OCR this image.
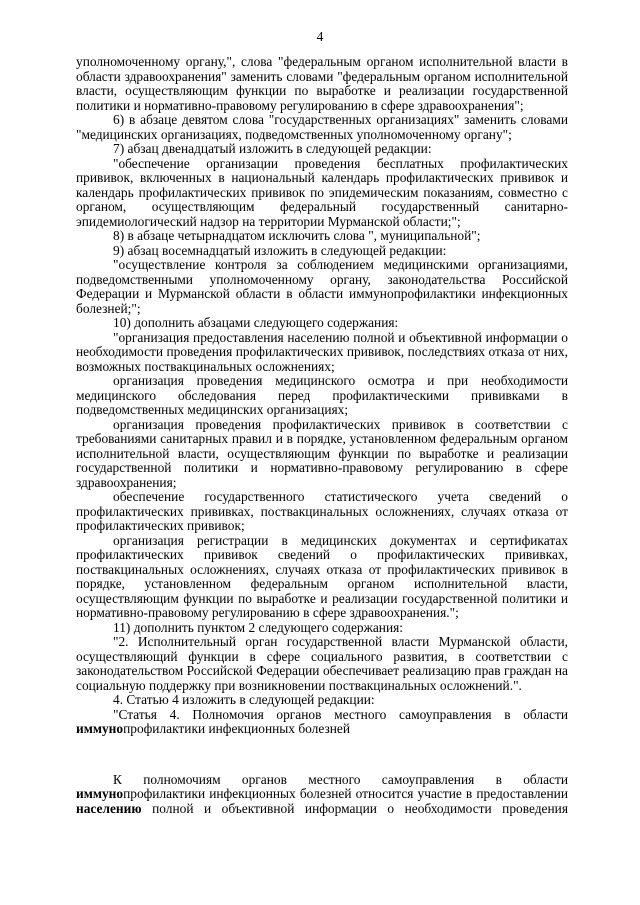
4

уполномоченному органу,", слова "федеральным органом исполнительной власти в области здравоохранения" заменить словами "федеральным органом исполнительной власти, осуществляющим функции по выработке и реализации государственной политики и нормативно-правовому регулированию в сфере здравоохранения";

6) в абзаце девятом слова "государственных организациях" заменить словами "медицинских организациях, подведомственных уполномоченному органу";

7) абзац двенадцатый изложить в следующей редакции:

"обеспечение организации проведения бесплатных профилактических прививок, включенных в национальный календарь профилактических прививок и календарь профилактических прививок по эпидемическим показаниям, совместно с органом, осуществляющим федеральный государственный санитарно-эпидемиологический надзор на территории Мурманской области;";

8) в абзаце четырнадцатом исключить слова ", муниципальной";

9) абзац восемнадцатый изложить в следующей редакции:

"осуществление контроля за соблюдением медицинскими организациями, подведомственными уполномоченному органу, законодательства Российской Федерации и Мурманской области в области иммунопрофилактики инфекционных болезней;";

10) дополнить абзацами следующего содержания:

"организация предоставления населению полной и объективной информации о необходимости проведения профилактических прививок, последствиях отказа от них, возможных поствакцинальных осложнениях;

организация проведения медицинского осмотра и при необходимости медицинского обследования перед профилактическими прививками в подведомственных медицинских организациях;

организация проведения профилактических прививок в соответствии с требованиями санитарных правил и в порядке, установленном федеральным органом исполнительной власти, осуществляющим функции по выработке и реализации государственной политики и нормативно-правовому регулированию в сфере здравоохранения;

обеспечение государственного статистического учета сведений о профилактических прививках, поствакцинальных осложнениях, случаях отказа от профилактических прививок;

организация регистрации в медицинских документах и сертификатах профилактических прививок сведений о профилактических прививках, поствакцинальных осложнениях, случаях отказа от профилактических прививок в порядке, установленном федеральным органом исполнительной власти, осуществляющим функции по выработке и реализации государственной политики и нормативно-правовому регулированию в сфере здравоохранения.";

11) дополнить пунктом 2 следующего содержания:

"2. Исполнительный орган государственной власти Мурманской области, осуществляющий функции в сфере социального развития, в соответствии с законодательством Российской Федерации обеспечивает реализацию прав граждан на социальную поддержку при возникновении поствакцинальных осложнений.".

4. Статью 4 изложить в следующей редакции:

"Статья 4. Полномочия органов местного самоуправления в области иммунопрофилактики инфекционных болезней

К полномочиям органов местного самоуправления в области иммунопрофилактики инфекционных болезней относится участие в предоставлении населению полной и объективной информации о необходимости проведения
